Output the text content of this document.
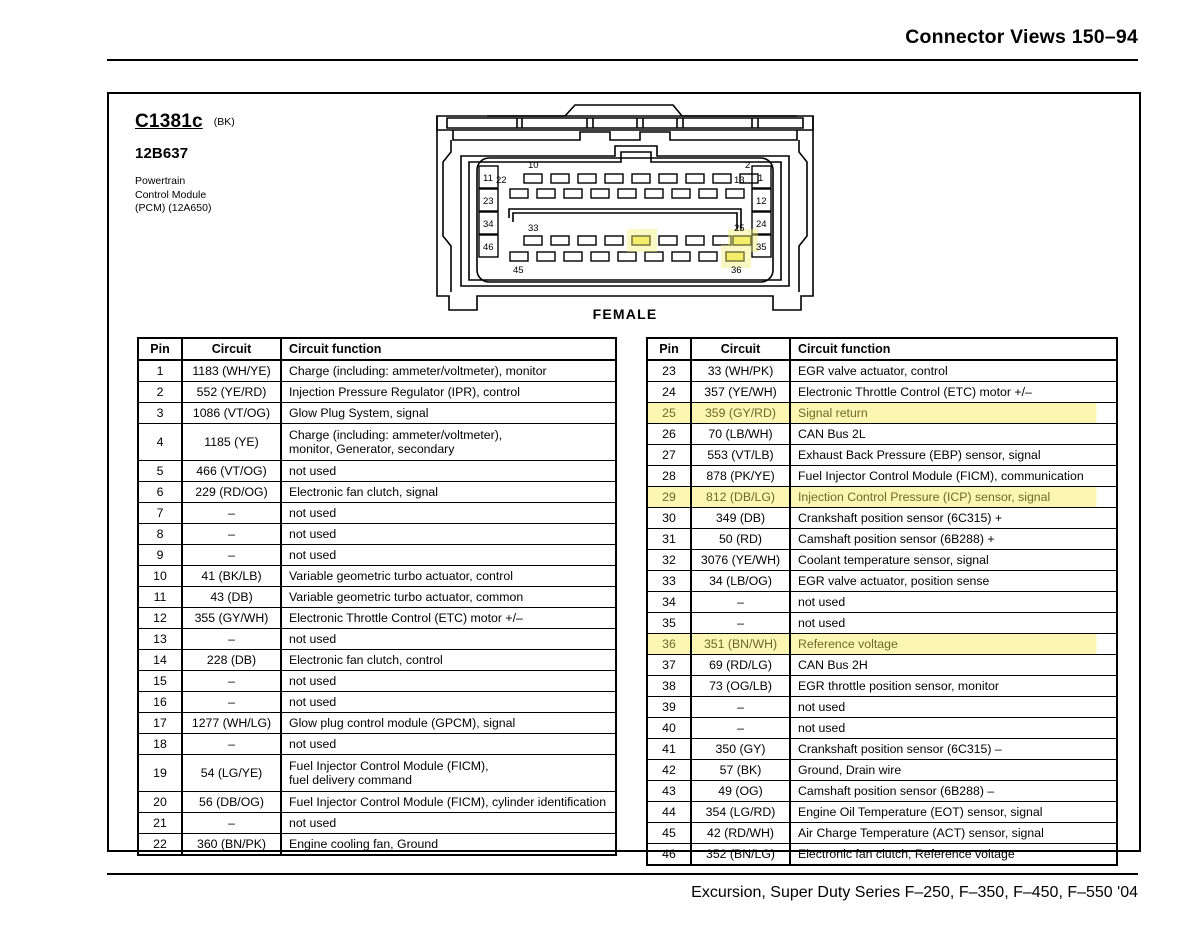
Connector Views 150–94
C1381c (BK)
12B637
Powertrain
Control Module
(PCM) (12A650)
10	2
22	13
33	25
45	36
11
23
34
46
1
12
24
35
FEMALE
Pin	Circuit	Circuit function
1	1183 (WH/YE)	Charge (including: ammeter/voltmeter), monitor

2	552 (YE/RD)	Injection Pressure Regulator (IPR), control

3	1086 (VT/OG)	Glow Plug System, signal

4	1185 (YE)	Charge (including: ammeter/voltmeter),
monitor, Generator, secondary

5	466 (VT/OG)	not used

6	229 (RD/OG)	Electronic fan clutch, signal

7	–	not used

8	–	not used

9	–	not used

10	41 (BK/LB)	Variable geometric turbo actuator, control

11	43 (DB)	Variable geometric turbo actuator, common

12	355 (GY/WH)	Electronic Throttle Control (ETC) motor +/–

13	–	not used

14	228 (DB)	Electronic fan clutch, control

15	–	not used

16	–	not used

17	1277 (WH/LG)	Glow plug control module (GPCM), signal

18	–	not used

19	54 (LG/YE)	Fuel Injector Control Module (FICM),
fuel delivery command

20	56 (DB/OG)	Fuel Injector Control Module (FICM), cylinder identification

21	–	not used

22	360 (BN/PK)	Engine cooling fan, Ground
Pin	Circuit	Circuit function
23	33 (WH/PK)	EGR valve actuator, control

24	357 (YE/WH)	Electronic Throttle Control (ETC) motor +/–

25	359 (GY/RD)	Signal return

26	70 (LB/WH)	CAN Bus 2L

27	553 (VT/LB)	Exhaust Back Pressure (EBP) sensor, signal

28	878 (PK/YE)	Fuel Injector Control Module (FICM), communication

29	812 (DB/LG)	Injection Control Pressure (ICP) sensor, signal

30	349 (DB)	Crankshaft position sensor (6C315) +

31	50 (RD)	Camshaft position sensor (6B288) +

32	3076 (YE/WH)	Coolant temperature sensor, signal

33	34 (LB/OG)	EGR valve actuator, position sense

34	–	not used

35	–	not used

36	351 (BN/WH)	Reference voltage

37	69 (RD/LG)	CAN Bus 2H

38	73 (OG/LB)	EGR throttle position sensor, monitor

39	–	not used

40	–	not used

41	350 (GY)	Crankshaft position sensor (6C315) –

42	57 (BK)	Ground, Drain wire

43	49 (OG)	Camshaft position sensor (6B288) –

44	354 (LG/RD)	Engine Oil Temperature (EOT) sensor, signal

45	42 (RD/WH)	Air Charge Temperature (ACT) sensor, signal

46	352 (BN/LG)	Electronic fan clutch, Reference voltage
Excursion, Super Duty Series F–250, F–350, F–450, F–550 '04
